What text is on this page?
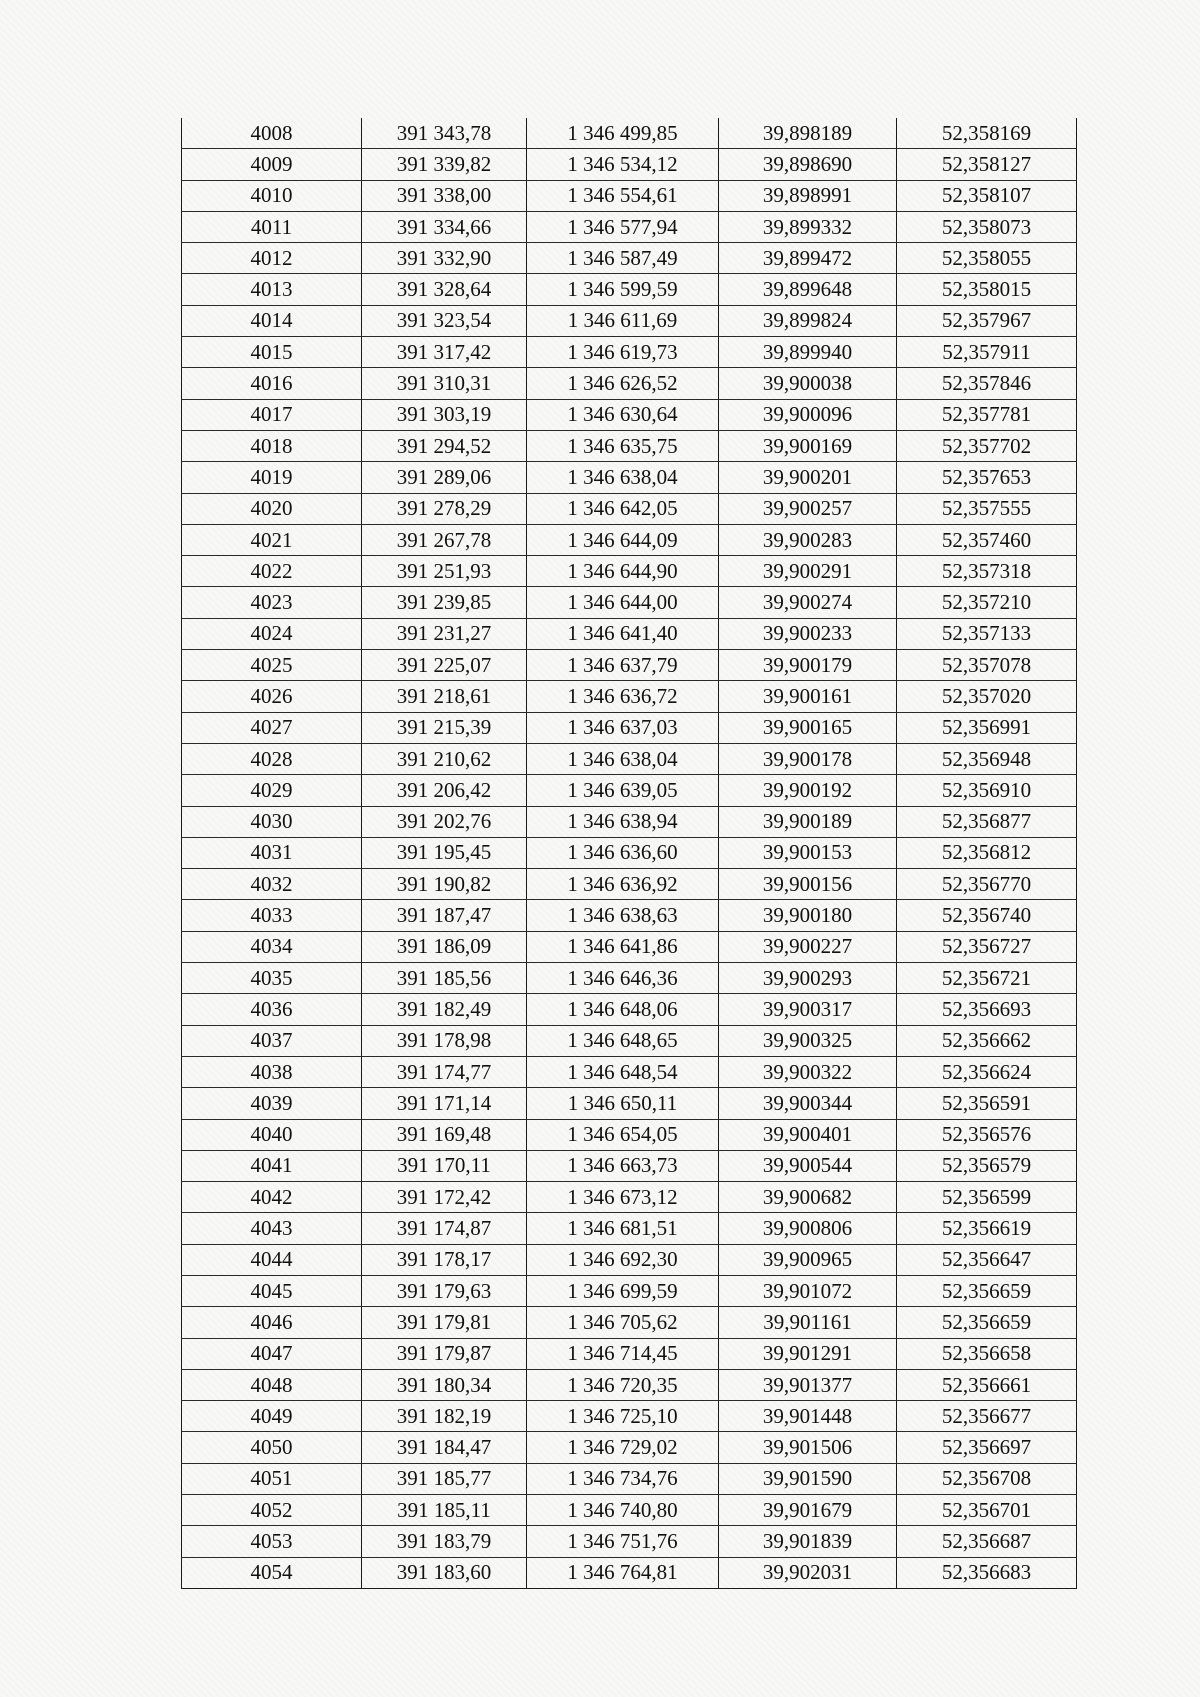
4008	391 343,78	1 346 499,85	39,898189	52,358169
4009	391 339,82	1 346 534,12	39,898690	52,358127
4010	391 338,00	1 346 554,61	39,898991	52,358107
4011	391 334,66	1 346 577,94	39,899332	52,358073
4012	391 332,90	1 346 587,49	39,899472	52,358055
4013	391 328,64	1 346 599,59	39,899648	52,358015
4014	391 323,54	1 346 611,69	39,899824	52,357967
4015	391 317,42	1 346 619,73	39,899940	52,357911
4016	391 310,31	1 346 626,52	39,900038	52,357846
4017	391 303,19	1 346 630,64	39,900096	52,357781
4018	391 294,52	1 346 635,75	39,900169	52,357702
4019	391 289,06	1 346 638,04	39,900201	52,357653
4020	391 278,29	1 346 642,05	39,900257	52,357555
4021	391 267,78	1 346 644,09	39,900283	52,357460
4022	391 251,93	1 346 644,90	39,900291	52,357318
4023	391 239,85	1 346 644,00	39,900274	52,357210
4024	391 231,27	1 346 641,40	39,900233	52,357133
4025	391 225,07	1 346 637,79	39,900179	52,357078
4026	391 218,61	1 346 636,72	39,900161	52,357020
4027	391 215,39	1 346 637,03	39,900165	52,356991
4028	391 210,62	1 346 638,04	39,900178	52,356948
4029	391 206,42	1 346 639,05	39,900192	52,356910
4030	391 202,76	1 346 638,94	39,900189	52,356877
4031	391 195,45	1 346 636,60	39,900153	52,356812
4032	391 190,82	1 346 636,92	39,900156	52,356770
4033	391 187,47	1 346 638,63	39,900180	52,356740
4034	391 186,09	1 346 641,86	39,900227	52,356727
4035	391 185,56	1 346 646,36	39,900293	52,356721
4036	391 182,49	1 346 648,06	39,900317	52,356693
4037	391 178,98	1 346 648,65	39,900325	52,356662
4038	391 174,77	1 346 648,54	39,900322	52,356624
4039	391 171,14	1 346 650,11	39,900344	52,356591
4040	391 169,48	1 346 654,05	39,900401	52,356576
4041	391 170,11	1 346 663,73	39,900544	52,356579
4042	391 172,42	1 346 673,12	39,900682	52,356599
4043	391 174,87	1 346 681,51	39,900806	52,356619
4044	391 178,17	1 346 692,30	39,900965	52,356647
4045	391 179,63	1 346 699,59	39,901072	52,356659
4046	391 179,81	1 346 705,62	39,901161	52,356659
4047	391 179,87	1 346 714,45	39,901291	52,356658
4048	391 180,34	1 346 720,35	39,901377	52,356661
4049	391 182,19	1 346 725,10	39,901448	52,356677
4050	391 184,47	1 346 729,02	39,901506	52,356697
4051	391 185,77	1 346 734,76	39,901590	52,356708
4052	391 185,11	1 346 740,80	39,901679	52,356701
4053	391 183,79	1 346 751,76	39,901839	52,356687
4054	391 183,60	1 346 764,81	39,902031	52,356683
